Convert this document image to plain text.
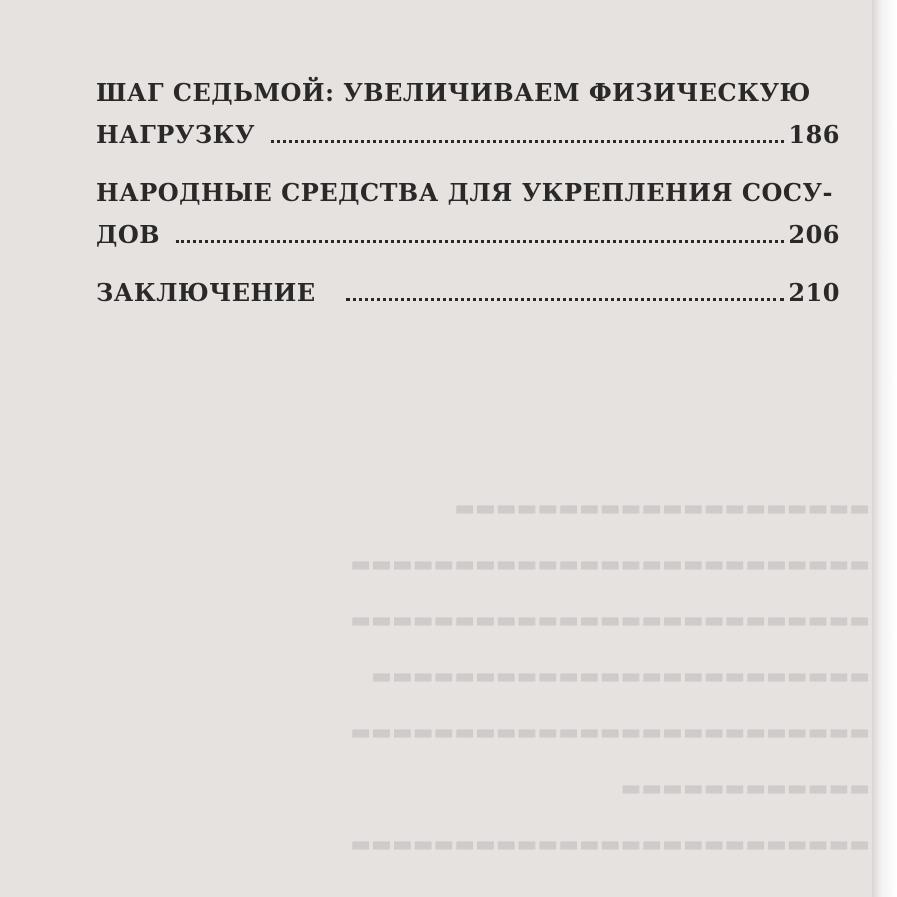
▬▬▬▬▬▬▬▬▬▬▬▬▬▬▬▬▬▬▬▬
▬▬▬▬▬▬▬▬▬▬▬▬▬▬▬▬▬▬▬▬▬▬▬▬▬
▬▬▬▬▬▬▬▬▬▬▬▬▬▬▬▬▬▬▬▬▬▬▬▬▬
▬▬▬▬▬▬▬▬▬▬▬▬▬▬▬▬▬▬▬▬▬▬▬▬
▬▬▬▬▬▬▬▬▬▬▬▬▬▬▬▬▬▬▬▬▬▬▬▬▬
▬▬▬▬▬▬▬▬▬▬▬▬
▬▬▬▬▬▬▬▬▬▬▬▬▬▬▬▬▬▬▬▬▬▬▬▬▬
ШАГ СЕДЬМОЙ: УВЕЛИЧИВАЕМ ФИЗИЧЕСКУЮ
НАГРУЗКУ	186
НАРОДНЫЕ СРЕДСТВА ДЛЯ УКРЕПЛЕНИЯ СОСУ-
ДОВ	206
ЗАКЛЮЧЕНИЕ	210
